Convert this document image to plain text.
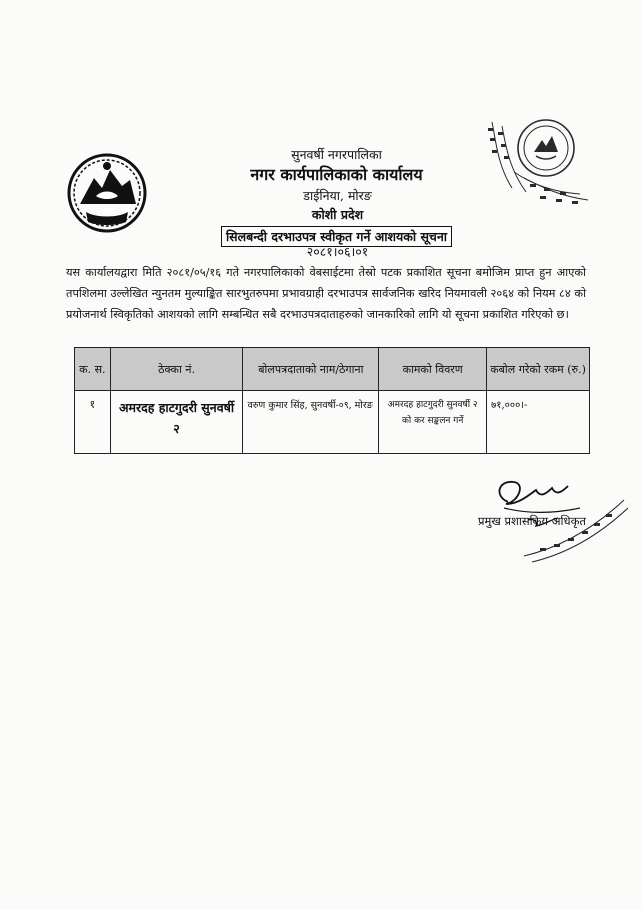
सुनवर्षी नगरपालिका
नगर कार्यपालिकाको कार्यालय
डाईनिया, मोरङ
कोशी प्रदेश
सिलबन्दी दरभाउपत्र स्वीकृत गर्ने आशयको सूचना
२०८१।०६।०१
यस कार्यालयद्वारा मिति २०८१/०५/१६ गते नगरपालिकाको वेबसाईटमा तेस्रो पटक प्रकाशित सूचना बमोजिम प्राप्त हुन आएको तपशिलमा उल्लेखित न्युनतम मुल्याङ्कित सारभुतरुपमा प्रभावग्राही दरभाउपत्र सार्वजनिक खरिद नियमावली २०६४ को नियम ८४ को प्रयोजनार्थ स्विकृतिको आशयको लागि सम्बन्धित सबै दरभाउपत्रदाताहरुको जानकारिको लागि यो सूचना प्रकाशित गरिएको छ।
क. स.	ठेक्का नं.	बोलपत्रदाताको नाम/ठेगाना	कामको विवरण	कबोल गरेको रकम (रु.)
१	अमरदह हाटगुदरी सुनवर्षी २	वरुण कुमार सिंह, सुनवर्षी-०९, मोरङ	अमरदह हाटगुदरी सुनवर्षी २ को कर सङ्कलन गर्ने	७१,०००।-
प्रमुख प्रशासकिय अधिकृत
